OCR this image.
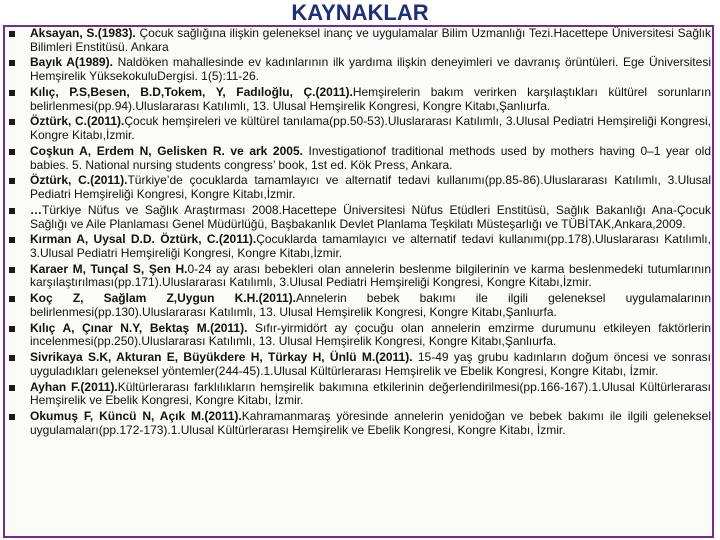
KAYNAKLAR
Aksayan, S.(1983). Çocuk sağlığına ilişkin geleneksel inanç ve uygulamalar Bilim Uzmanlığı Tezi.Hacettepe Üniversitesi Sağlık Bilimleri Enstitüsü. Ankara
Bayık A(1989). Naldöken mahallesinde ev kadınlarının ilk yardıma ilişkin deneyimleri ve davranış örüntüleri. Ege Üniversitesi Hemşirelik YüksekokuluDergisi. 1(5):11-26.
Kılıç, P.S,Besen, B.D,Tokem, Y, Fadıloğlu, Ç.(2011).Hemşirelerin bakım verirken karşılaştıkları kültürel sorunların belirlenmesi(pp.94).Uluslararası Katılımlı, 13. Ulusal Hemşirelik Kongresi, Kongre Kitabı,Şanlıurfa.
Öztürk, C.(2011).Çocuk hemşireleri ve kültürel tanılama(pp.50-53).Uluslararası Katılımlı, 3.Ulusal Pediatri Hemşireliği Kongresi, Kongre Kitabı,İzmir.
Coşkun A, Erdem N, Gelisken R. ve ark 2005. Investigationof traditional methods used by mothers having 0–1 year old babies. 5. National nursing students congress’ book, 1st ed. Kök Press, Ankara.
Öztürk, C.(2011).Türkiye’de çocuklarda tamamlayıcı ve alternatif tedavi kullanımı(pp.85-86).Uluslararası Katılımlı, 3.Ulusal Pediatri Hemşireliği Kongresi, Kongre Kitabı,İzmir.
…Türkiye Nüfus ve Sağlık Araştırması 2008.Hacettepe Üniversitesi Nüfus Etüdleri Enstitüsü, Sağlık Bakanlığı Ana-Çocuk Sağlığı ve Aile Planlaması Genel Müdürlüğü, Başbakanlık Devlet Planlama Teşkilatı Müsteşarlığı ve TÜBİTAK,Ankara,2009.
Kırman A, Uysal D.D. Öztürk, C.(2011).Çocuklarda tamamlayıcı ve alternatif tedavi kullanımı(pp.178).Uluslararası Katılımlı, 3.Ulusal Pediatri Hemşireliği Kongresi, Kongre Kitabı,İzmir.
Karaer M, Tunçal S, Şen H.0-24 ay arası bebekleri olan annelerin beslenme bilgilerinin ve karma beslenmedeki tutumlarının karşılaştırılması(pp.171).Uluslararası Katılımlı, 3.Ulusal Pediatri Hemşireliği Kongresi, Kongre Kitabı,İzmir.
Koç Z, Sağlam Z,Uygun K.H.(2011).Annelerin bebek bakımı ile ilgili geleneksel uygulamalarının belirlenmesi(pp.130).Uluslararası Katılımlı, 13. Ulusal Hemşirelik Kongresi, Kongre Kitabı,Şanlıurfa.
Kılıç A, Çınar N.Y, Bektaş M.(2011). Sıfır-yirmidört ay çocuğu olan annelerin emzirme durumunu etkileyen faktörlerin incelenmesi(pp.250).Uluslararası Katılımlı, 13. Ulusal Hemşirelik Kongresi, Kongre Kitabı,Şanlıurfa.
Sivrikaya S.K, Akturan E, Büyükdere H, Türkay H, Ünlü M.(2011). 15-49 yaş grubu kadınların doğum öncesi ve sonrası uyguladıkları geleneksel yöntemler(244-45).1.Ulusal Kültürlerarası Hemşirelik ve Ebelik Kongresi, Kongre Kitabı, İzmir.
Ayhan F.(2011).Kültürlerarası farklılıkların hemşirelik bakımına etkilerinin değerlendirilmesi(pp.166-167).1.Ulusal Kültürlerarası Hemşirelik ve Ebelik Kongresi, Kongre Kitabı, İzmir.
Okumuş F, Küncü N, Açık M.(2011).Kahramanmaraş yöresinde annelerin yenidoğan ve bebek bakımı ile ilgili geleneksel uygulamaları(pp.172-173).1.Ulusal Kültürlerarası Hemşirelik ve Ebelik Kongresi, Kongre Kitabı, İzmir.
